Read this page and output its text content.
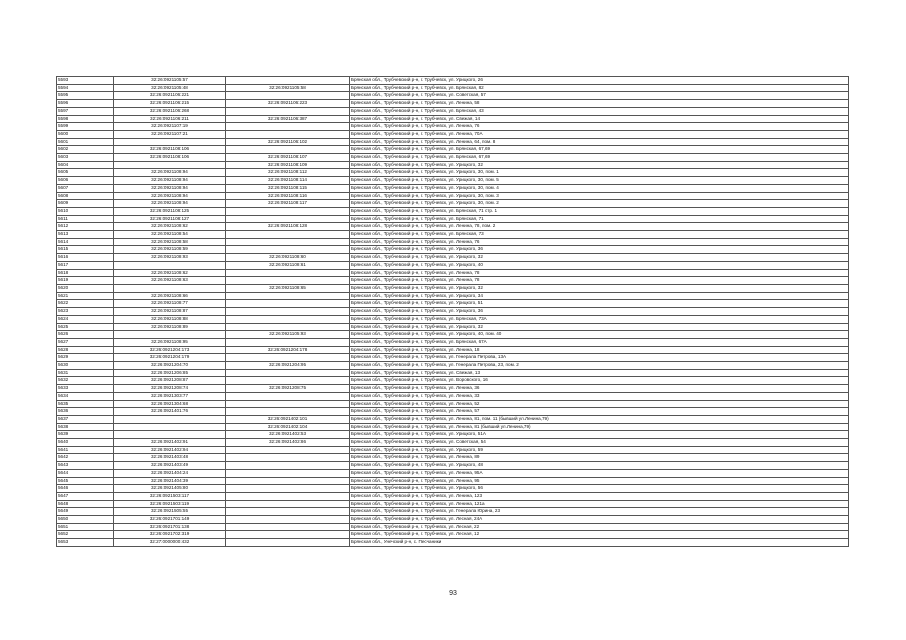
5593	32:26:0921105:57		Брянская обл., Трубчевский р-н, г. Трубчевск, ул. Урицкого, 26
5594	32:26:0921105:48	32:26:0921105:58	Брянская обл., Трубчевский р-н, г. Трубчевск, ул. Брянская, 82
5595	32:26:0921106:221		Брянская обл., Трубчевский р-н, г. Трубчевск, ул. Советская, 57
5596	32:26:0921106:215	32:26:0921106:223	Брянская обл., Трубчевский р-н, г. Трубчевск, ул. Ленина, 58
5597	32:26:0921106:268		Брянская обл., Трубчевский р-н, г. Трубчевск, ул. Брянская, 43
5598	32:26:0921106:211	32:26:0921106:387	Брянская обл., Трубчевский р-н, г. Трубчевск, ул. Свежая, 14
5599	32:26:0921107:19		Брянская обл., Трубчевский р-н, г. Трубчевск, ул. Ленина, 76
5600	32:26:0921107:21		Брянская обл., Трубчевский р-н, г. Трубчевск, ул. Ленина, 70А
5601		32:26:0921106:102	Брянская обл., Трубчевский р-н, г. Трубчевск, ул. Ленина, 64, пом. 8
5602	32:26:0921108:106		Брянская обл., Трубчевский р-н, г. Трубчевск, ул. Брянская, 67,69
5603	32:26:0921108:106	32:26:0921108:107	Брянская обл., Трубчевский р-н, г. Трубчевск, ул. Брянская, 67,69
5604		32:26:0921108:109	Брянская обл., Трубчевский р-н, г. Трубчевск, ул. Урицкого, 32
5605	32:26:0921108:94	32:26:0921108:112	Брянская обл., Трубчевский р-н, г. Трубчевск, ул. Урицкого, 30, пом. 1
5606	32:26:0921108:94	32:26:0921108:114	Брянская обл., Трубчевский р-н, г. Трубчевск, ул. Урицкого, 30, пом. 5
5607	32:26:0921108:94	32:26:0921108:115	Брянская обл., Трубчевский р-н, г. Трубчевск, ул. Урицкого, 30, пом. 4
5608	32:26:0921108:94	32:26:0921108:116	Брянская обл., Трубчевский р-н, г. Трубчевск, ул. Урицкого, 30, пом. 3
5609	32:26:0921108:94	32:26:0921108:117	Брянская обл., Трубчевский р-н, г. Трубчевск, ул. Урицкого, 30, пом. 2
5610	32:26:0921108:125		Брянская обл., Трубчевский р-н, г. Трубчевск, ул. Брянская, 71 стр. 1
5611	32:26:0921108:127		Брянская обл., Трубчевский р-н, г. Трубчевск, ул. Брянская, 71
5612	32:26:0921108:62	32:26:0921108:128	Брянская обл., Трубчевский р-н, г. Трубчевск, ул. Ленина, 78, пом. 2
5613	32:26:0921108:54		Брянская обл., Трубчевский р-н, г. Трубчевск, ул. Брянская, 73
5614	32:26:0921108:58		Брянская обл., Трубчевский р-н, г. Трубчевск, ул. Ленина, 76
5615	32:26:0921108:59		Брянская обл., Трубчевский р-н, г. Трубчевск, ул. Урицкого, 36
5616	32:26:0921108:93	32:26:0921108:60	Брянская обл., Трубчевский р-н, г. Трубчевск, ул. Урицкого, 32
5617		32:26:0921108:61	Брянская обл., Трубчевский р-н, г. Трубчевск, ул. Урицкого, 40
5618	32:26:0921108:62		Брянская обл., Трубчевский р-н, г. Трубчевск, ул. Ленина, 78
5619	32:26:0921108:63		Брянская обл., Трубчевский р-н, г. Трубчевск, ул. Ленина, 78
5620		32:26:0921108:65	Брянская обл., Трубчевский р-н, г. Трубчевск, ул. Урицкого, 32
5621	32:26:0921108:66		Брянская обл., Трубчевский р-н, г. Трубчевск, ул. Урицкого, 34
5622	32:26:0921108:77		Брянская обл., Трубчевский р-н, г. Трубчевск, ул. Урицкого, 51
5623	32:26:0921108:87		Брянская обл., Трубчевский р-н, г. Трубчевск, ул. Урицкого, 36
5624	32:26:0921108:88		Брянская обл., Трубчевский р-н, г. Трубчевск, ул. Брянская, 73А
5625	32:26:0921108:89		Брянская обл., Трубчевский р-н, г. Трубчевск, ул. Урицкого, 32
5626		32:26:0921105:93	Брянская обл., Трубчевский р-н, г. Трубчевск, ул. Урицкого, 40, пом. 40
5627	32:26:0921108:95		Брянская обл., Трубчевский р-н, г. Трубчевск, ул. Брянская, 67А
5628	32:26:0921204:173	32:26:0921204:178	Брянская обл., Трубчевский р-н, г. Трубчевск, ул. Ленина, 18
5629	32:26:0921204:179		Брянская обл., Трубчевский р-н, г. Трубчевск, ул. Генерала Петрова, 13А
5630	32:26:0921204:70	32:26:0921204:95	Брянская обл., Трубчевский р-н, г. Трубчевск, ул. Генерала Петрова, 23, пом. 2
5631	32:26:0921206:85		Брянская обл., Трубчевский р-н, г. Трубчевск, ул. Свежая, 13
5632	32:26:0921208:87		Брянская обл., Трубчевский р-н, г. Трубчевск, ул. Воровского, 16
5633	32:26:0921208:74	32:26:0921208:75	Брянская обл., Трубчевский р-н, г. Трубчевск, ул. Ленина, 36
5634	32:26:0921303:77		Брянская обл., Трубчевский р-н, г. Трубчевск, ул. Ленина, 33
5635	32:26:0921304:68		Брянская обл., Трубчевский р-н, г. Трубчевск, ул. Ленина, 52
5636	32:26:0921401:76		Брянская обл., Трубчевский р-н, г. Трубчевск, ул. Ленина, 57
5637		32:26:0921402:101	Брянская обл., Трубчевский р-н, г. Трубчевск, ул. Ленина, 81, пом. 11 (бывший ул.Ленина,79)
5638		32:26:0921402:104	Брянская обл., Трубчевский р-н, г. Трубчевск, ул. Ленина, 81 (бывший ул.Ленина,79)
5639		32:26:0921402:53	Брянская обл., Трубчевский р-н, г. Трубчевск, ул. Урицкого, 51А
5640	32:26:0921402:91	32:26:0921402:86	Брянская обл., Трубчевский р-н, г. Трубчевск, ул. Советская, 54
5641	32:26:0921402:94		Брянская обл., Трубчевский р-н, г. Трубчевск, ул. Урицкого, 59
5642	32:26:0921403:48		Брянская обл., Трубчевский р-н, г. Трубчевск, ул. Ленина, 89
5643	32:26:0921403:49		Брянская обл., Трубчевский р-н, г. Трубчевск, ул. Урицкого, 48
5644	32:26:0921404:24		Брянская обл., Трубчевский р-н, г. Трубчевск, ул. Ленина, 95А
5645	32:26:0921404:39		Брянская обл., Трубчевский р-н, г. Трубчевск, ул. Ленина, 95
5646	32:26:0921405:80		Брянская обл., Трубчевский р-н, г. Трубчевск, ул. Урицкого, 56
5647	32:26:0921503:117		Брянская обл., Трубчевский р-н, г. Трубчевск, ул. Ленина, 123
5648	32:26:0921503:119		Брянская обл., Трубчевский р-н, г. Трубчевск, ул. Ленина, 121а
5649	32:26:0921505:55		Брянская обл., Трубчевский р-н, г. Трубчевск, ул. Генерала Юрина, 23
5650	32:26:0921701:149		Брянская обл., Трубчевский р-н, г. Трубчевск, ул. Лесная, 24А
5651	32:26:0921701:138		Брянская обл., Трубчевский р-н, г. Трубчевск, ул. Лесная, 22
5652	32:26:0921702:319		Брянская обл., Трубчевский р-н, г. Трубчевск, ул. Лесная, 12
5653	32:27:0000000:432		Брянская обл., Унечский р-н, с. Песчаники
93
